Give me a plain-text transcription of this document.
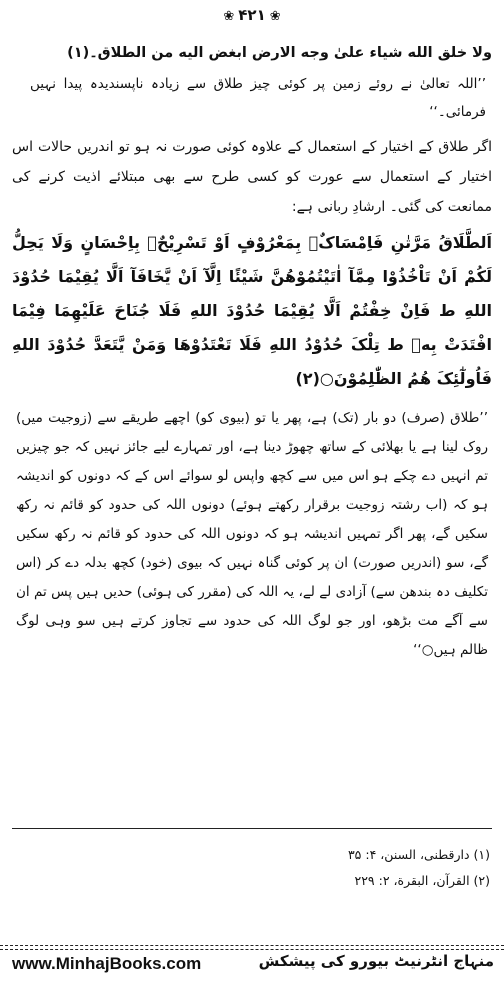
❀ ۴۲۱ ❀

ولا خلق الله شياء علىٰ وجه الارض ابغض اليه من الطلاق۔(۱)

’’اللہ تعالیٰ نے روئے زمین پر کوئی چیز طلاق سے زیادہ ناپسندیدہ پیدا نہیں فرمائی۔‘‘

اگر طلاق کے اختیار کے استعمال کے علاوہ کوئی صورت نہ ہو تو اندریں حالات اس اختیار کے استعمال سے عورت کو کسی طرح سے بھی مبتلائے اذیت کرنے کی ممانعت کی گئی۔ ارشادِ ربانی ہے:

اَلطَّلَاقُ مَرَّتٰنِ فَاِمْسَاکٌۢ بِمَعْرُوْفٍ اَوْ تَسْرِیْحٌۢ بِاِحْسَانٍ وَلَا یَحِلُّ لَکُمْ اَنْ تَاْخُذُوْا مِمَّآ اٰتَیْتُمُوْهُنَّ شَیْئًا اِلَّآ اَنْ یَّخَافَآ اَلَّا یُقِیْمَا حُدُوْدَ اللهِ ط فَاِنْ خِفْتُمْ اَلَّا یُقِیْمَا حُدُوْدَ اللهِ فَلَا جُنَاحَ عَلَیْهِمَا فِیْمَا افْتَدَتْ بِهٖ ط تِلْکَ حُدُوْدُ اللهِ فَلَا تَعْتَدُوْهَا وَمَنْ یَّتَعَدَّ حُدُوْدَ اللهِ فَاُولٰٓئِکَ هُمُ الظّٰلِمُوْنَ○(۲)

’’طلاق (صرف) دو بار (تک) ہے، پھر یا تو (بیوی کو) اچھے طریقے سے (زوجیت میں) روک لینا ہے یا بھلائی کے ساتھ چھوڑ دینا ہے، اور تمہارے لیے جائز نہیں کہ جو چیزیں تم انہیں دے چکے ہو اس میں سے کچھ واپس لو سوائے اس کے کہ دونوں کو اندیشہ ہو کہ (اب رشتہ زوجیت برقرار رکھتے ہوئے) دونوں اللہ کی حدود کو قائم نہ رکھ سکیں گے، پھر اگر تمہیں اندیشہ ہو کہ دونوں اللہ کی حدود کو قائم نہ رکھ سکیں گے، سو (اندریں صورت) ان پر کوئی گناہ نہیں کہ بیوی (خود) کچھ بدلہ دے کر (اس تکلیف دہ بندھن سے) آزادی لے لے، یہ اللہ کی (مقرر کی ہوئی) حدیں ہیں پس تم ان سے آگے مت بڑھو، اور جو لوگ اللہ کی حدود سے تجاوز کرتے ہیں سو وہی لوگ ظالم ہیں○‘‘

(۱) دارقطنی، السنن، ۴: ۳۵
(۲) القرآن، البقرة، ۲: ۲۲۹
www.MinhajBooks.com	منہاج انٹرنیٹ بیورو کی پیشکش
